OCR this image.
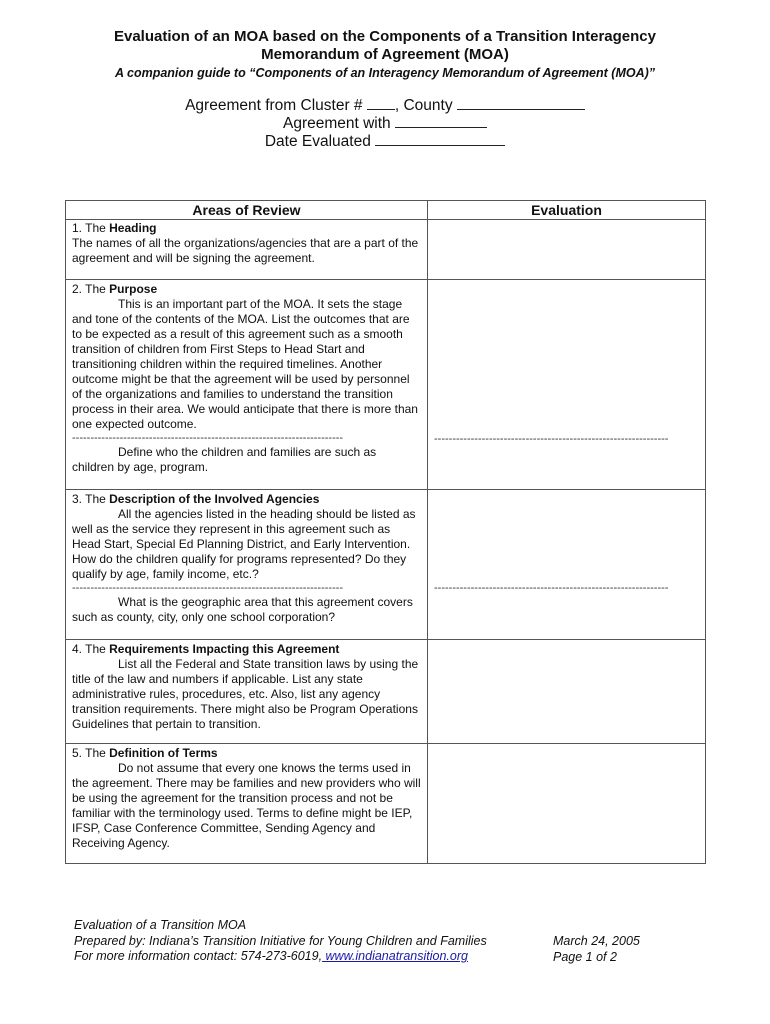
Evaluation of an MOA based on the Components of a Transition Interagency
Memorandum of Agreement (MOA)
A companion guide to “Components of an Interagency Memorandum of Agreement (MOA)”
Agreement from Cluster # , County
Agreement with
Date Evaluated
Areas of Review	Evaluation

1. The Heading
The names of all the organizations/agencies that are a part of the agreement and will be signing the agreement.	

2. The Purpose
This is an important part of the MOA. It sets the stage and tone of the contents of the MOA. List the outcomes that are to be expected as a result of this agreement such as a smooth transition of children from First Steps to Head Start and transitioning children within the required timelines. Another outcome might be that the agreement will be used by personnel of the organizations and families to understand the transition process in their area. We would anticipate that there is more than one expected outcome.
--------------------------------------------------------------------------
Define who the children and families are such as children by age, program.	----------------------------------------------------------------

3. The Description of the Involved Agencies
All the agencies listed in the heading should be listed as well as the service they represent in this agreement such as Head Start, Special Ed Planning District, and Early Intervention. How do the children qualify for programs represented? Do they qualify by age, family income, etc.?
--------------------------------------------------------------------------
What is the geographic area that this agreement covers such as county, city, only one school corporation?	----------------------------------------------------------------

4. The Requirements Impacting this Agreement
List all the Federal and State transition laws by using the title of the law and numbers if applicable. List any state administrative rules, procedures, etc. Also, list any agency transition requirements. There might also be Program Operations Guidelines that pertain to transition.	

5. The Definition of Terms
Do not assume that every one knows the terms used in the agreement. There may be families and new providers who will be using the agreement for the transition process and not be familiar with the terminology used. Terms to define might be IEP, IFSP, Case Conference Committee, Sending Agency and Receiving Agency.	

Evaluation of a Transition MOA
Prepared by: Indiana’s Transition Initiative for Young Children and Families
For more information contact: 574-273-6019, www.indianatransition.org
March 24, 2005
Page 1 of 2
